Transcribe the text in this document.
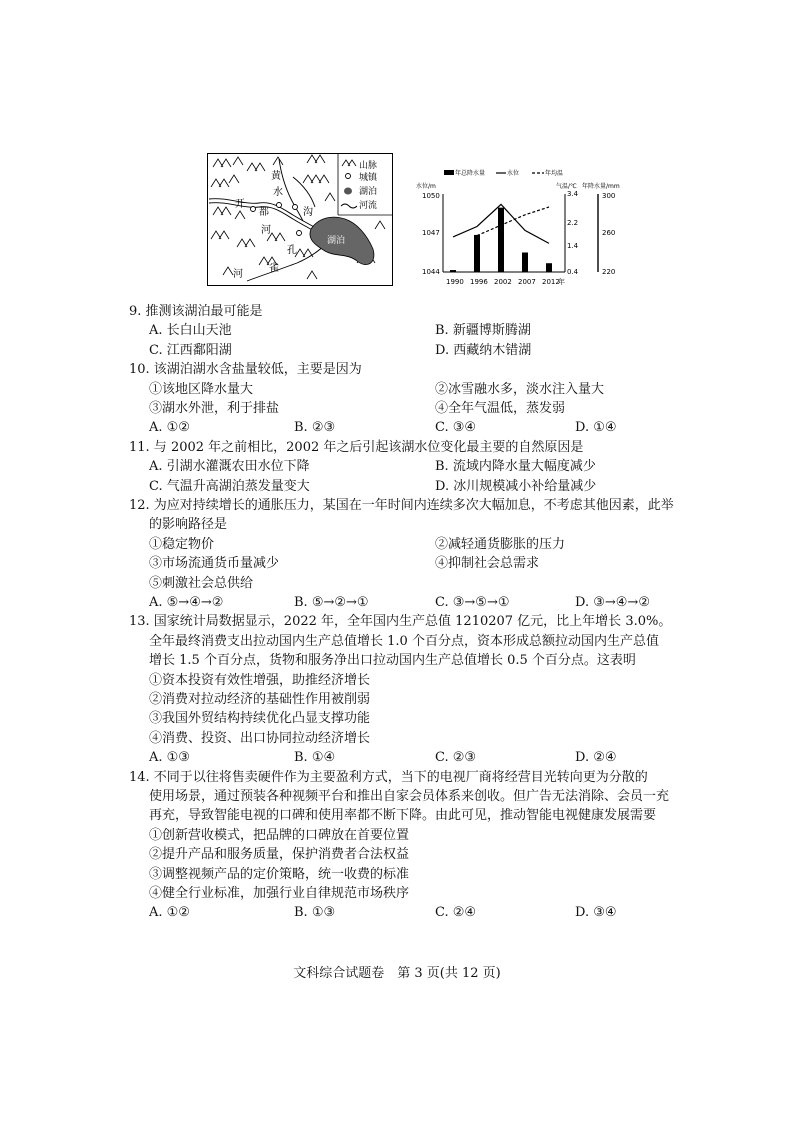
山脉
城镇
湖泊
河流
黄
水
开
都
河
沟
孔
雀
河
湖泊
年总降水量	水位	年均温
水位/m	气温/℃ 年降水量/mm
1050
1047
1044
3.4
2.2
1.4
0.4
300
260
220
1990 1996 2002 2007 2012
年
9. 推测该湖泊最可能是
A. 长白山天池	B. 新疆博斯腾湖
C. 江西鄱阳湖	D. 西藏纳木错湖
10. 该湖泊湖水含盐量较低，主要是因为
①该地区降水量大	②冰雪融水多，淡水注入量大
③湖水外泄，利于排盐	④全年气温低，蒸发弱
A. ①②	B. ②③	C. ③④	D. ①④
11. 与 2002 年之前相比，2002 年之后引起该湖水位变化最主要的自然原因是
A. 引湖水灌溉农田水位下降	B. 流域内降水量大幅度减少
C. 气温升高湖泊蒸发量变大	D. 冰川规模减小补给量减少
12. 为应对持续增长的通胀压力，某国在一年时间内连续多次大幅加息，不考虑其他因素，此举
的影响路径是
①稳定物价	②减轻通货膨胀的压力
③市场流通货币量减少	④抑制社会总需求
⑤刺激社会总供给
A. ⑤→④→②	B. ⑤→②→①	C. ③→⑤→①	D. ③→④→②
13. 国家统计局数据显示，2022 年，全年国内生产总值 1210207 亿元，比上年增长 3.0%。
全年最终消费支出拉动国内生产总值增长 1.0 个百分点，资本形成总额拉动国内生产总值
增长 1.5 个百分点，货物和服务净出口拉动国内生产总值增长 0.5 个百分点。这表明
①资本投资有效性增强，助推经济增长
②消费对拉动经济的基础性作用被削弱
③我国外贸结构持续优化凸显支撑功能
④消费、投资、出口协同拉动经济增长
A. ①③	B. ①④	C. ②③	D. ②④
14. 不同于以往将售卖硬件作为主要盈利方式，当下的电视厂商将经营目光转向更为分散的
使用场景，通过预装各种视频平台和推出自家会员体系来创收。但广告无法消除、会员一充
再充，导致智能电视的口碑和使用率都不断下降。由此可见，推动智能电视健康发展需要
①创新营收模式，把品牌的口碑放在首要位置
②提升产品和服务质量，保护消费者合法权益
③调整视频产品的定价策略，统一收费的标准
④健全行业标准，加强行业自律规范市场秩序
A. ①②	B. ①③	C. ②④	D. ③④
文科综合试题卷　第 3 页(共 12 页)
